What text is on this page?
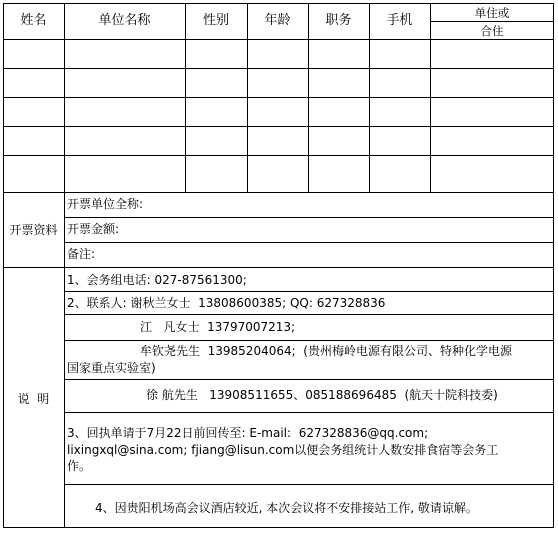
姓名	单位名称	性别	年龄	职务	手机	单住或
合住
开票资料
开票单位全称:
开票金额:
备注:
说  明
1、会务组电话: 027-87561300;
2、联系人: 谢秋兰女士  13808600385; QQ: 627328836
江   凡女士  13797007213;
牟钦尧先生  13985204064;  (贵州梅岭电源有限公司、特种化学电源
国家重点实验室)
徐 航先生   13908511655、085188696485  (航天十院科技委)
3、回执单请于7月22日前回传至: E-mail:  627328836@qq.com;
lixingxql@sina.com; fjiang@lisun.com以便会务组统计人数安排食宿等会务工
作。
4、因贵阳机场高会议酒店较近, 本次会议将不安排接站工作, 敬请谅解。
